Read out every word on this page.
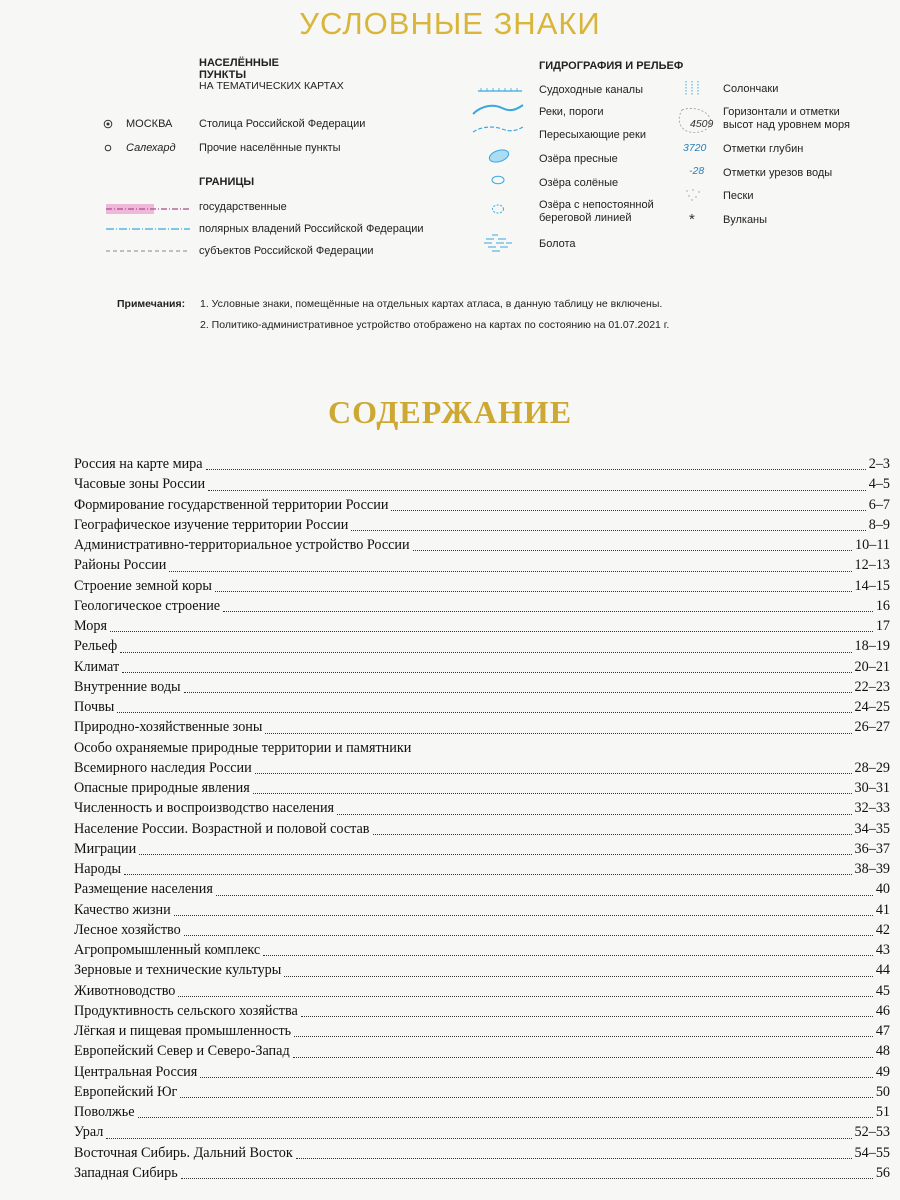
УСЛОВНЫЕ ЗНАКИ
НАСЕЛЁННЫЕ ПУНКТЫ
НА ТЕМАТИЧЕСКИХ КАРТАХ
МОСКВА Столица Российской Федерации
Салехард Прочие населённые пункты
ГРАНИЦЫ
государственные
полярных владений Российской Федерации
субъектов Российской Федерации
ГИДРОГРАФИЯ И РЕЛЬЕФ
Судоходные каналы
Реки, пороги
Пересыхающие реки
Озёра пресные
Озёра солёные
Озёра с непостоянной береговой линией
Болота
Солончаки
4509
Горизонтали и отметки высот над уровнем моря
3720 Отметки глубин
-28 Отметки урезов воды
Пески
*	Вулканы
Примечания: 1. Условные знаки, помещённые на отдельных картах атласа, в данную таблицу не включены.
2. Политико-административное устройство отображено на картах по состоянию на 01.07.2021 г.
СОДЕРЖАНИЕ
Россия на карте мира	2–3
Часовые зоны России	4–5
Формирование государственной территории России	6–7
Географическое изучение территории России	8–9
Административно-территориальное устройство России	10–11
Районы России	12–13
Строение земной коры	14–15
Геологическое строение	16
Моря	17
Рельеф	18–19
Климат	20–21
Внутренние воды	22–23
Почвы	24–25
Природно-хозяйственные зоны	26–27
Особо охраняемые природные территории и памятники
Всемирного наследия России	28–29
Опасные природные явления	30–31
Численность и воспроизводство населения	32–33
Население России. Возрастной и половой состав	34–35
Миграции	36–37
Народы	38–39
Размещение населения	40
Качество жизни	41
Лесное хозяйство	42
Агропромышленный комплекс	43
Зерновые и технические культуры	44
Животноводство	45
Продуктивность сельского хозяйства	46
Лёгкая и пищевая промышленность	47
Европейский Север и Северо-Запад	48
Центральная Россия	49
Европейский Юг	50
Поволжье	51
Урал	52–53
Восточная Сибирь. Дальний Восток	54–55
Западная Сибирь	56
